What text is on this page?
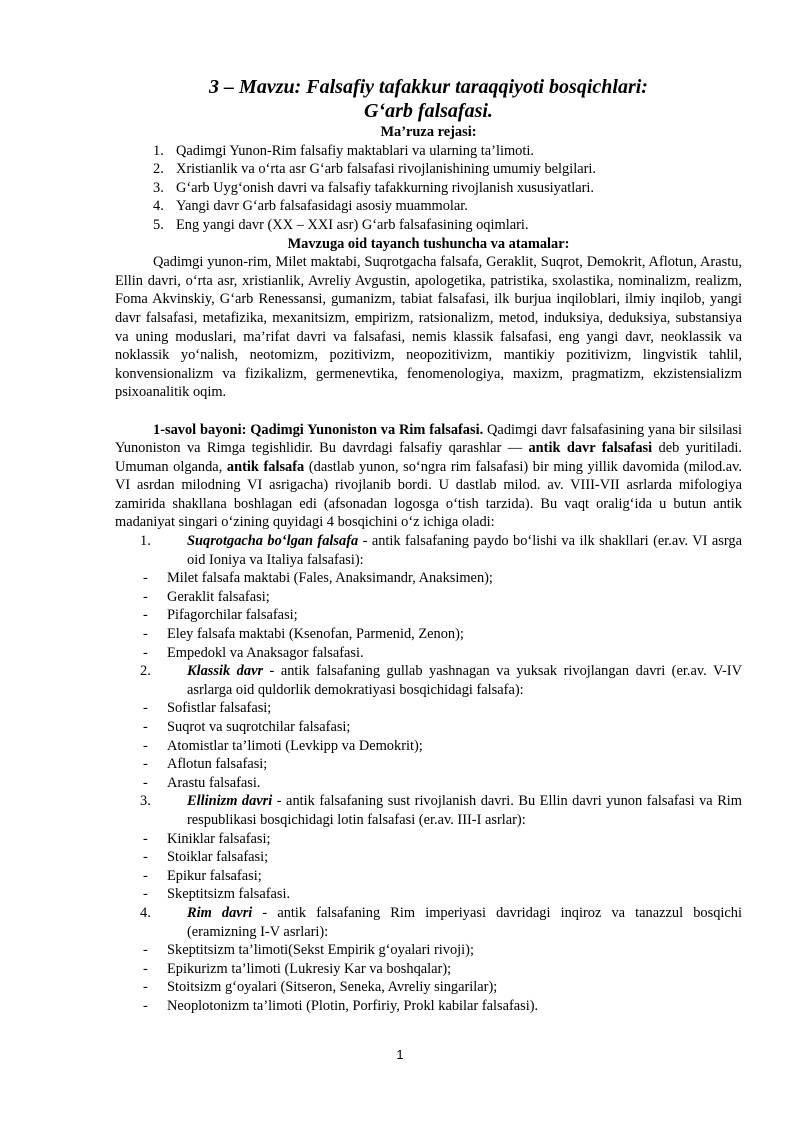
3 – Mavzu: Falsafiy tafakkur taraqqiyoti bosqichlari:

G‘arb falsafasi.

Ma’ruza rejasi:

1. Qadimgi Yunon-Rim falsafiy maktablari va ularning ta’limoti.
2. Xristianlik va o‘rta asr G‘arb falsafasi rivojlanishining umumiy belgilari.
3. G‘arb Uyg‘onish davri va falsafiy tafakkurning rivojlanish xususiyatlari.
4. Yangi davr G‘arb falsafasidagi asosiy muammolar.
5. Eng yangi davr (XX – XXI asr) G‘arb falsafasining oqimlari.

Mavzuga oid tayanch tushuncha va atamalar:

Qadimgi yunon-rim, Milet maktabi, Suqrotgacha falsafa, Geraklit, Suqrot, Demokrit, Aflotun, Arastu, Ellin davri, o‘rta asr, xristianlik, Avreliy Avgustin, apologetika, patristika, sxolastika, nominalizm, realizm, Foma Akvinskiy, G‘arb Renessansi, gumanizm, tabiat falsafasi, ilk burjua inqiloblari, ilmiy inqilob, yangi davr falsafasi, metafizika, mexanitsizm, empirizm, ratsionalizm, metod, induksiya, deduksiya, substansiya va uning moduslari, ma’rifat davri va falsafasi, nemis klassik falsafasi, eng yangi davr, neoklassik va noklassik yo‘nalish, neotomizm, pozitivizm, neopozitivizm, mantikiy pozitivizm, lingvistik tahlil, konvensionalizm va fizikalizm, germenevtika, fenomenologiya, maxizm, pragmatizm, ekzistensializm psixoanalitik oqim.

1-savol bayoni: Qadimgi Yunoniston va Rim falsafasi. Qadimgi davr falsafasining yana bir silsilasi Yunoniston va Rimga tegishlidir. Bu davrdagi falsafiy qarashlar — antik davr falsafasi deb yuritiladi. Umuman olganda, antik falsafa (dastlab yunon, so‘ngra rim falsafasi) bir ming yillik davomida (milod.av. VI asrdan milodning VI asrigacha) rivojlanib bordi. U dastlab milod. av. VIII-VII asrlarda mifologiya zamirida shakllana boshlagan edi (afsonadan logosga o‘tish tarzida). Bu vaqt oralig‘ida u butun antik madaniyat singari o‘zining quyidagi 4 bosqichini o‘z ichiga oladi:

1.	Suqrotgacha bo‘lgan falsafa - antik falsafaning paydo bo‘lishi va ilk shakllari (er.av. VI asrga oid Ioniya va Italiya falsafasi):
- Milet falsafa maktabi (Fales, Anaksimandr, Anaksimen);
- Geraklit falsafasi;
- Pifagorchilar falsafasi;
- Eley falsafa maktabi (Ksenofan, Parmenid, Zenon);
- Empedokl va Anaksagor falsafasi.
2.	Klassik davr - antik falsafaning gullab yashnagan va yuksak rivojlangan davri (er.av. V-IV asrlarga oid quldorlik demokratiyasi bosqichidagi falsafa):
- Sofistlar falsafasi;
- Suqrot va suqrotchilar falsafasi;
- Atomistlar ta’limoti (Levkipp va Demokrit);
- Aflotun falsafasi;
- Arastu falsafasi.
3.	Ellinizm davri - antik falsafaning sust rivojlanish davri. Bu Ellin davri yunon falsafasi va Rim respublikasi bosqichidagi lotin falsafasi (er.av. III-I asrlar):
- Kiniklar falsafasi;
- Stoiklar falsafasi;
- Epikur falsafasi;
- Skeptitsizm falsafasi.
4.	Rim davri - antik falsafaning Rim imperiyasi davridagi inqiroz va tanazzul bosqichi (eramizning I-V asrlari):
- Skeptitsizm ta’limoti(Sekst Empirik g‘oyalari rivoji);
- Epikurizm ta’limoti (Lukresiy Kar va boshqalar);
- Stoitsizm g‘oyalari (Sitseron, Seneka, Avreliy singarilar);
- Neoplotonizm ta’limoti (Plotin, Porfiriy, Prokl kabilar falsafasi).
1
